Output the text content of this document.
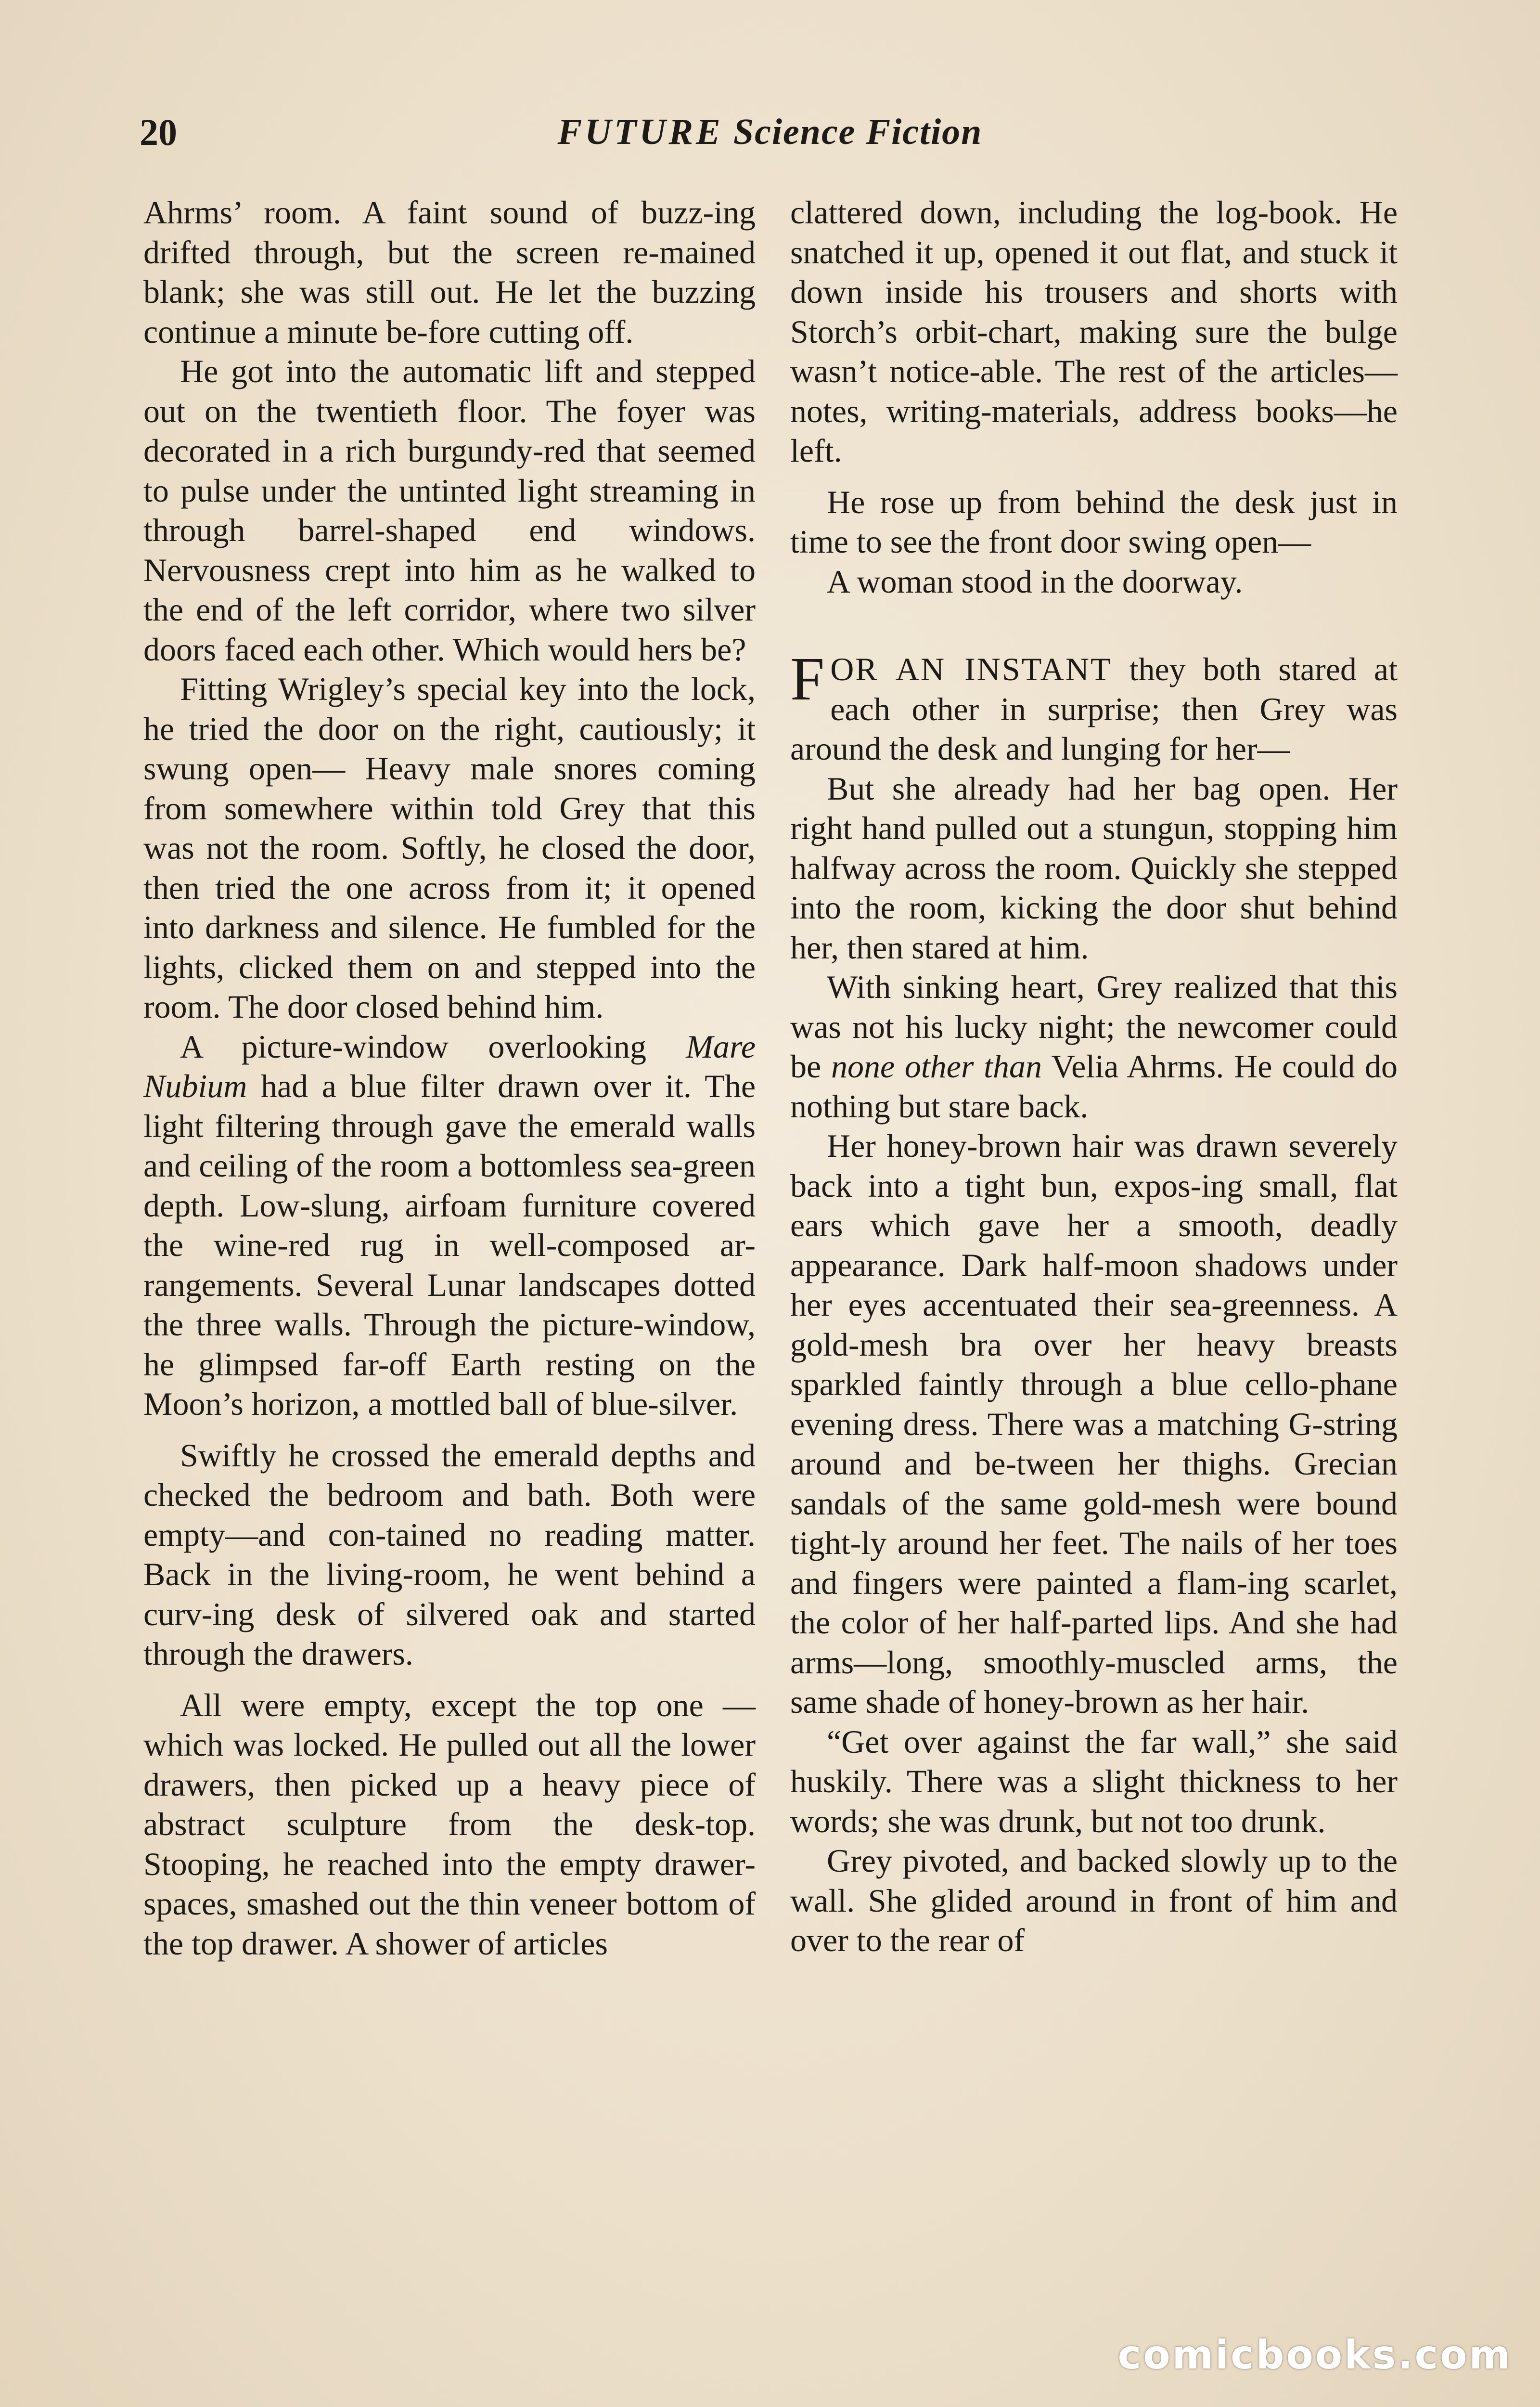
20	FUTURE Science Fiction

Ahrms’ room. A faint sound of buzz-ing drifted through, but the screen re-mained blank; she was still out. He let the buzzing continue a minute be-fore cutting off.

He got into the automatic lift and stepped out on the twentieth floor. The foyer was decorated in a rich burgundy-red that seemed to pulse under the untinted light streaming in through barrel-shaped end windows. Nervousness crept into him as he walked to the end of the left corridor, where two silver doors faced each other. Which would hers be?

Fitting Wrigley’s special key into the lock, he tried the door on the right, cautiously; it swung open— Heavy male snores coming from somewhere within told Grey that this was not the room. Softly, he closed the door, then tried the one across from it; it opened into darkness and silence. He fumbled for the lights, clicked them on and stepped into the room. The door closed behind him.

A picture-window overlooking Mare Nubium had a blue filter drawn over it. The light filtering through gave the emerald walls and ceiling of the room a bottomless sea-green depth. Low-slung, airfoam furniture covered the wine-red rug in well-composed ar-rangements. Several Lunar landscapes dotted the three walls. Through the picture-window, he glimpsed far-off Earth resting on the Moon’s horizon, a mottled ball of blue-silver.

Swiftly he crossed the emerald depths and checked the bedroom and bath. Both were empty—and con-tained no reading matter. Back in the living-room, he went behind a curv-ing desk of silvered oak and started through the drawers.

All were empty, except the top one —which was locked. He pulled out all the lower drawers, then picked up a heavy piece of abstract sculpture from the desk-top. Stooping, he reached into the empty drawer-spaces, smashed out the thin veneer bottom of the top drawer. A shower of articles

clattered down, including the log-book. He snatched it up, opened it out flat, and stuck it down inside his trousers and shorts with Storch’s orbit-chart, making sure the bulge wasn’t notice-able. The rest of the articles—notes, writing-materials, address books—he left.

He rose up from behind the desk just in time to see the front door swing open—

A woman stood in the doorway.

FOR AN INSTANT they both stared at each other in surprise; then Grey was around the desk and lunging for her—

But she already had her bag open. Her right hand pulled out a stungun, stopping him halfway across the room. Quickly she stepped into the room, kicking the door shut behind her, then stared at him.

With sinking heart, Grey realized that this was not his lucky night; the newcomer could be none other than Velia Ahrms. He could do nothing but stare back.

Her honey-brown hair was drawn severely back into a tight bun, expos-ing small, flat ears which gave her a smooth, deadly appearance. Dark half-moon shadows under her eyes accentuated their sea-greenness. A gold-mesh bra over her heavy breasts sparkled faintly through a blue cello-phane evening dress. There was a matching G-string around and be-tween her thighs. Grecian sandals of the same gold-mesh were bound tight-ly around her feet. The nails of her toes and fingers were painted a flam-ing scarlet, the color of her half-parted lips. And she had arms—long, smoothly-muscled arms, the same shade of honey-brown as her hair.

“Get over against the far wall,” she said huskily. There was a slight thickness to her words; she was drunk, but not too drunk.

Grey pivoted, and backed slowly up to the wall. She glided around in front of him and over to the rear of

comicbooks.com
